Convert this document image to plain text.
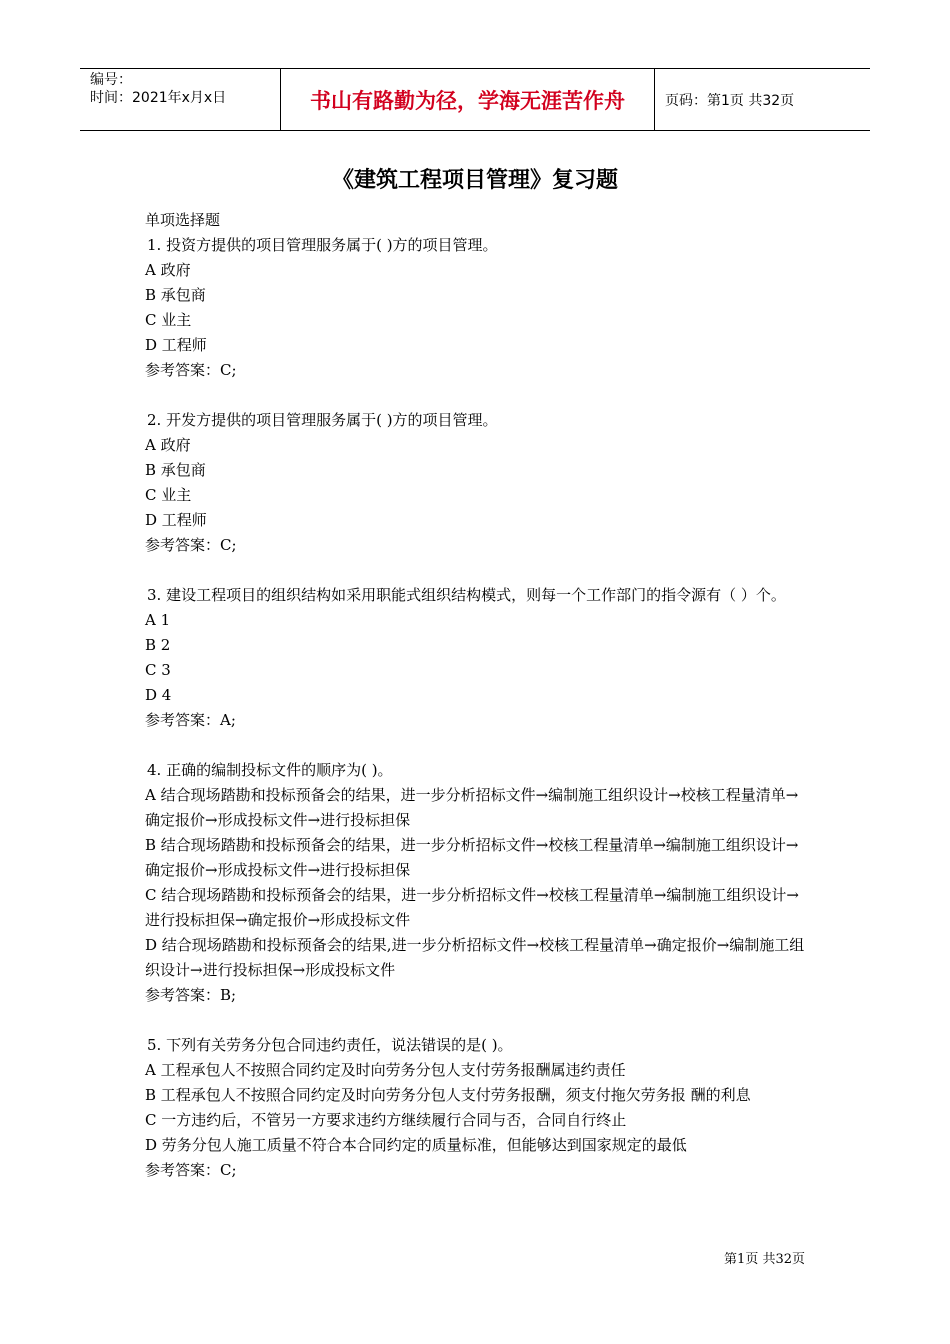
编号：
时间：2021年x月x日	书山有路勤为径，学海无涯苦作舟	页码：第1页 共32页
《建筑工程项目管理》复习题

单项选择题

1. 投资方提供的项目管理服务属于( )方的项目管理。

A 政府

B 承包商

C 业主

D 工程师

参考答案：C;

2. 开发方提供的项目管理服务属于( )方的项目管理。

A 政府

B 承包商

C 业主

D 工程师

参考答案：C;

3. 建设工程项目的组织结构如采用职能式组织结构模式，则每一个工作部门的指令源有（ ）个。

A 1

B 2

C 3

D 4

参考答案：A;

4. 正确的编制投标文件的顺序为( )。

A 结合现场踏勘和投标预备会的结果，进一步分析招标文件→编制施工组织设计→校核工程量清单→确定报价→形成投标文件→进行投标担保

B 结合现场踏勘和投标预备会的结果，进一步分析招标文件→校核工程量清单→编制施工组织设计→确定报价→形成投标文件→进行投标担保

C 结合现场踏勘和投标预备会的结果，进一步分析招标文件→校核工程量清单→编制施工组织设计→进行投标担保→确定报价→形成投标文件

D 结合现场踏勘和投标预备会的结果,进一步分析招标文件→校核工程量清单→确定报价→编制施工组织设计→进行投标担保→形成投标文件

参考答案：B;

5. 下列有关劳务分包合同违约责任，说法错误的是( )。

A 工程承包人不按照合同约定及时向劳务分包人支付劳务报酬属违约责任

B 工程承包人不按照合同约定及时向劳务分包人支付劳务报酬，须支付拖欠劳务报 酬的利息

C 一方违约后，不管另一方要求违约方继续履行合同与否，合同自行终止

D 劳务分包人施工质量不符合本合同约定的质量标准，但能够达到国家规定的最低

参考答案：C;

第1页 共32页
